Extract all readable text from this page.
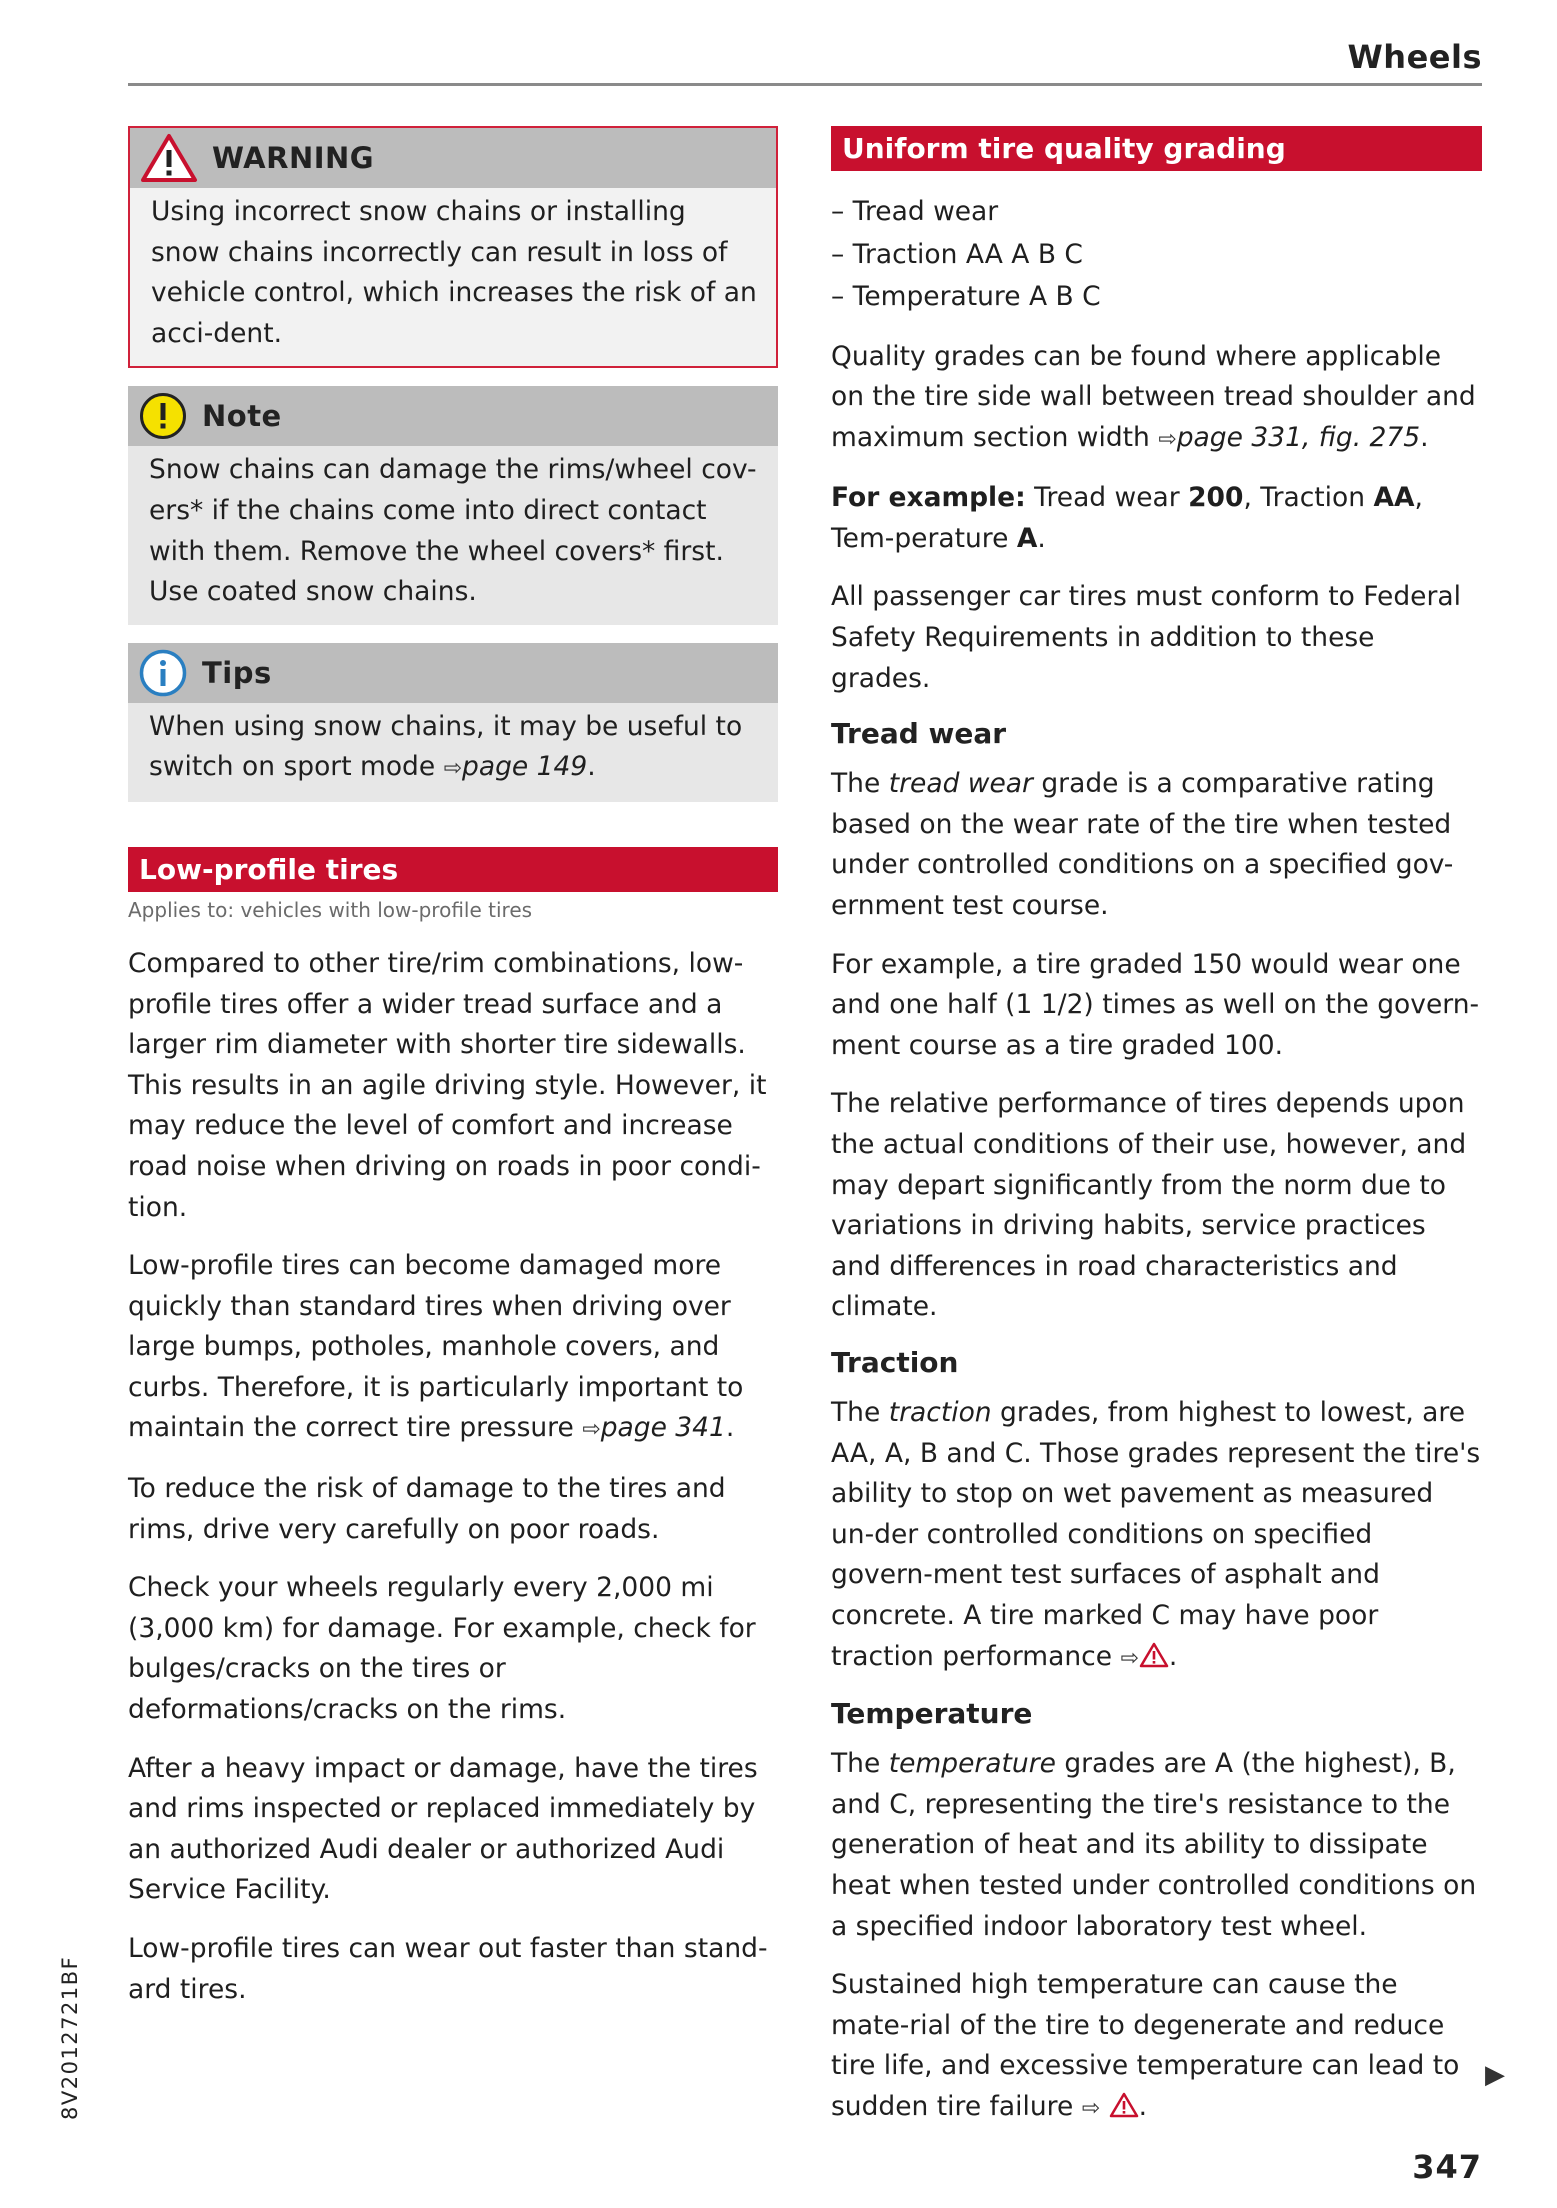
Wheels
WARNING
Using incorrect snow chains or installing snow chains incorrectly can result in loss of vehicle control, which increases the risk of an acci-dent.
Note
Snow chains can damage the rims/wheel cov-ers* if the chains come into direct contact with them. Remove the wheel covers* first. Use coated snow chains.
Tips
When using snow chains, it may be useful to switch on sport mode ⇨page 149.
Low-profile tires
Applies to: vehicles with low-profile tires
Compared to other tire/rim combinations, low-profile tires offer a wider tread surface and a larger rim diameter with shorter tire sidewalls. This results in an agile driving style. However, it may reduce the level of comfort and increase road noise when driving on roads in poor condi-tion.
Low-profile tires can become damaged more quickly than standard tires when driving over large bumps, potholes, manhole covers, and curbs. Therefore, it is particularly important to maintain the correct tire pressure ⇨page 341.
To reduce the risk of damage to the tires and rims, drive very carefully on poor roads.
Check your wheels regularly every 2,000 mi (3,000 km) for damage. For example, check for bulges/cracks on the tires or deformations/cracks on the rims.
After a heavy impact or damage, have the tires and rims inspected or replaced immediately by an authorized Audi dealer or authorized Audi Service Facility.
Low-profile tires can wear out faster than stand-ard tires.
Uniform tire quality grading
– Tread wear
– Traction AA A B C
– Temperature A B C
Quality grades can be found where applicable on the tire side wall between tread shoulder and maximum section width ⇨page 331, fig. 275.
For example: Tread wear 200, Traction AA, Tem-perature A.
All passenger car tires must conform to Federal Safety Requirements in addition to these grades.
Tread wear
The tread wear grade is a comparative rating based on the wear rate of the tire when tested under controlled conditions on a specified gov-ernment test course.
For example, a tire graded 150 would wear one and one half (1 1/2) times as well on the govern-ment course as a tire graded 100.
The relative performance of tires depends upon the actual conditions of their use, however, and may depart significantly from the norm due to variations in driving habits, service practices and differences in road characteristics and climate.
Traction
The traction grades, from highest to lowest, are AA, A, B and C. Those grades represent the tire's ability to stop on wet pavement as measured un-der controlled conditions on specified govern-ment test surfaces of asphalt and concrete. A tire marked C may have poor traction performance ⇨ .
Temperature
The temperature grades are A (the highest), B, and C, representing the tire's resistance to the generation of heat and its ability to dissipate heat when tested under controlled conditions on a specified indoor laboratory test wheel.
Sustained high temperature can cause the mate-rial of the tire to degenerate and reduce tire life, and excessive temperature can lead to sudden tire failure ⇨ .
8V2012721BF	▶
347
